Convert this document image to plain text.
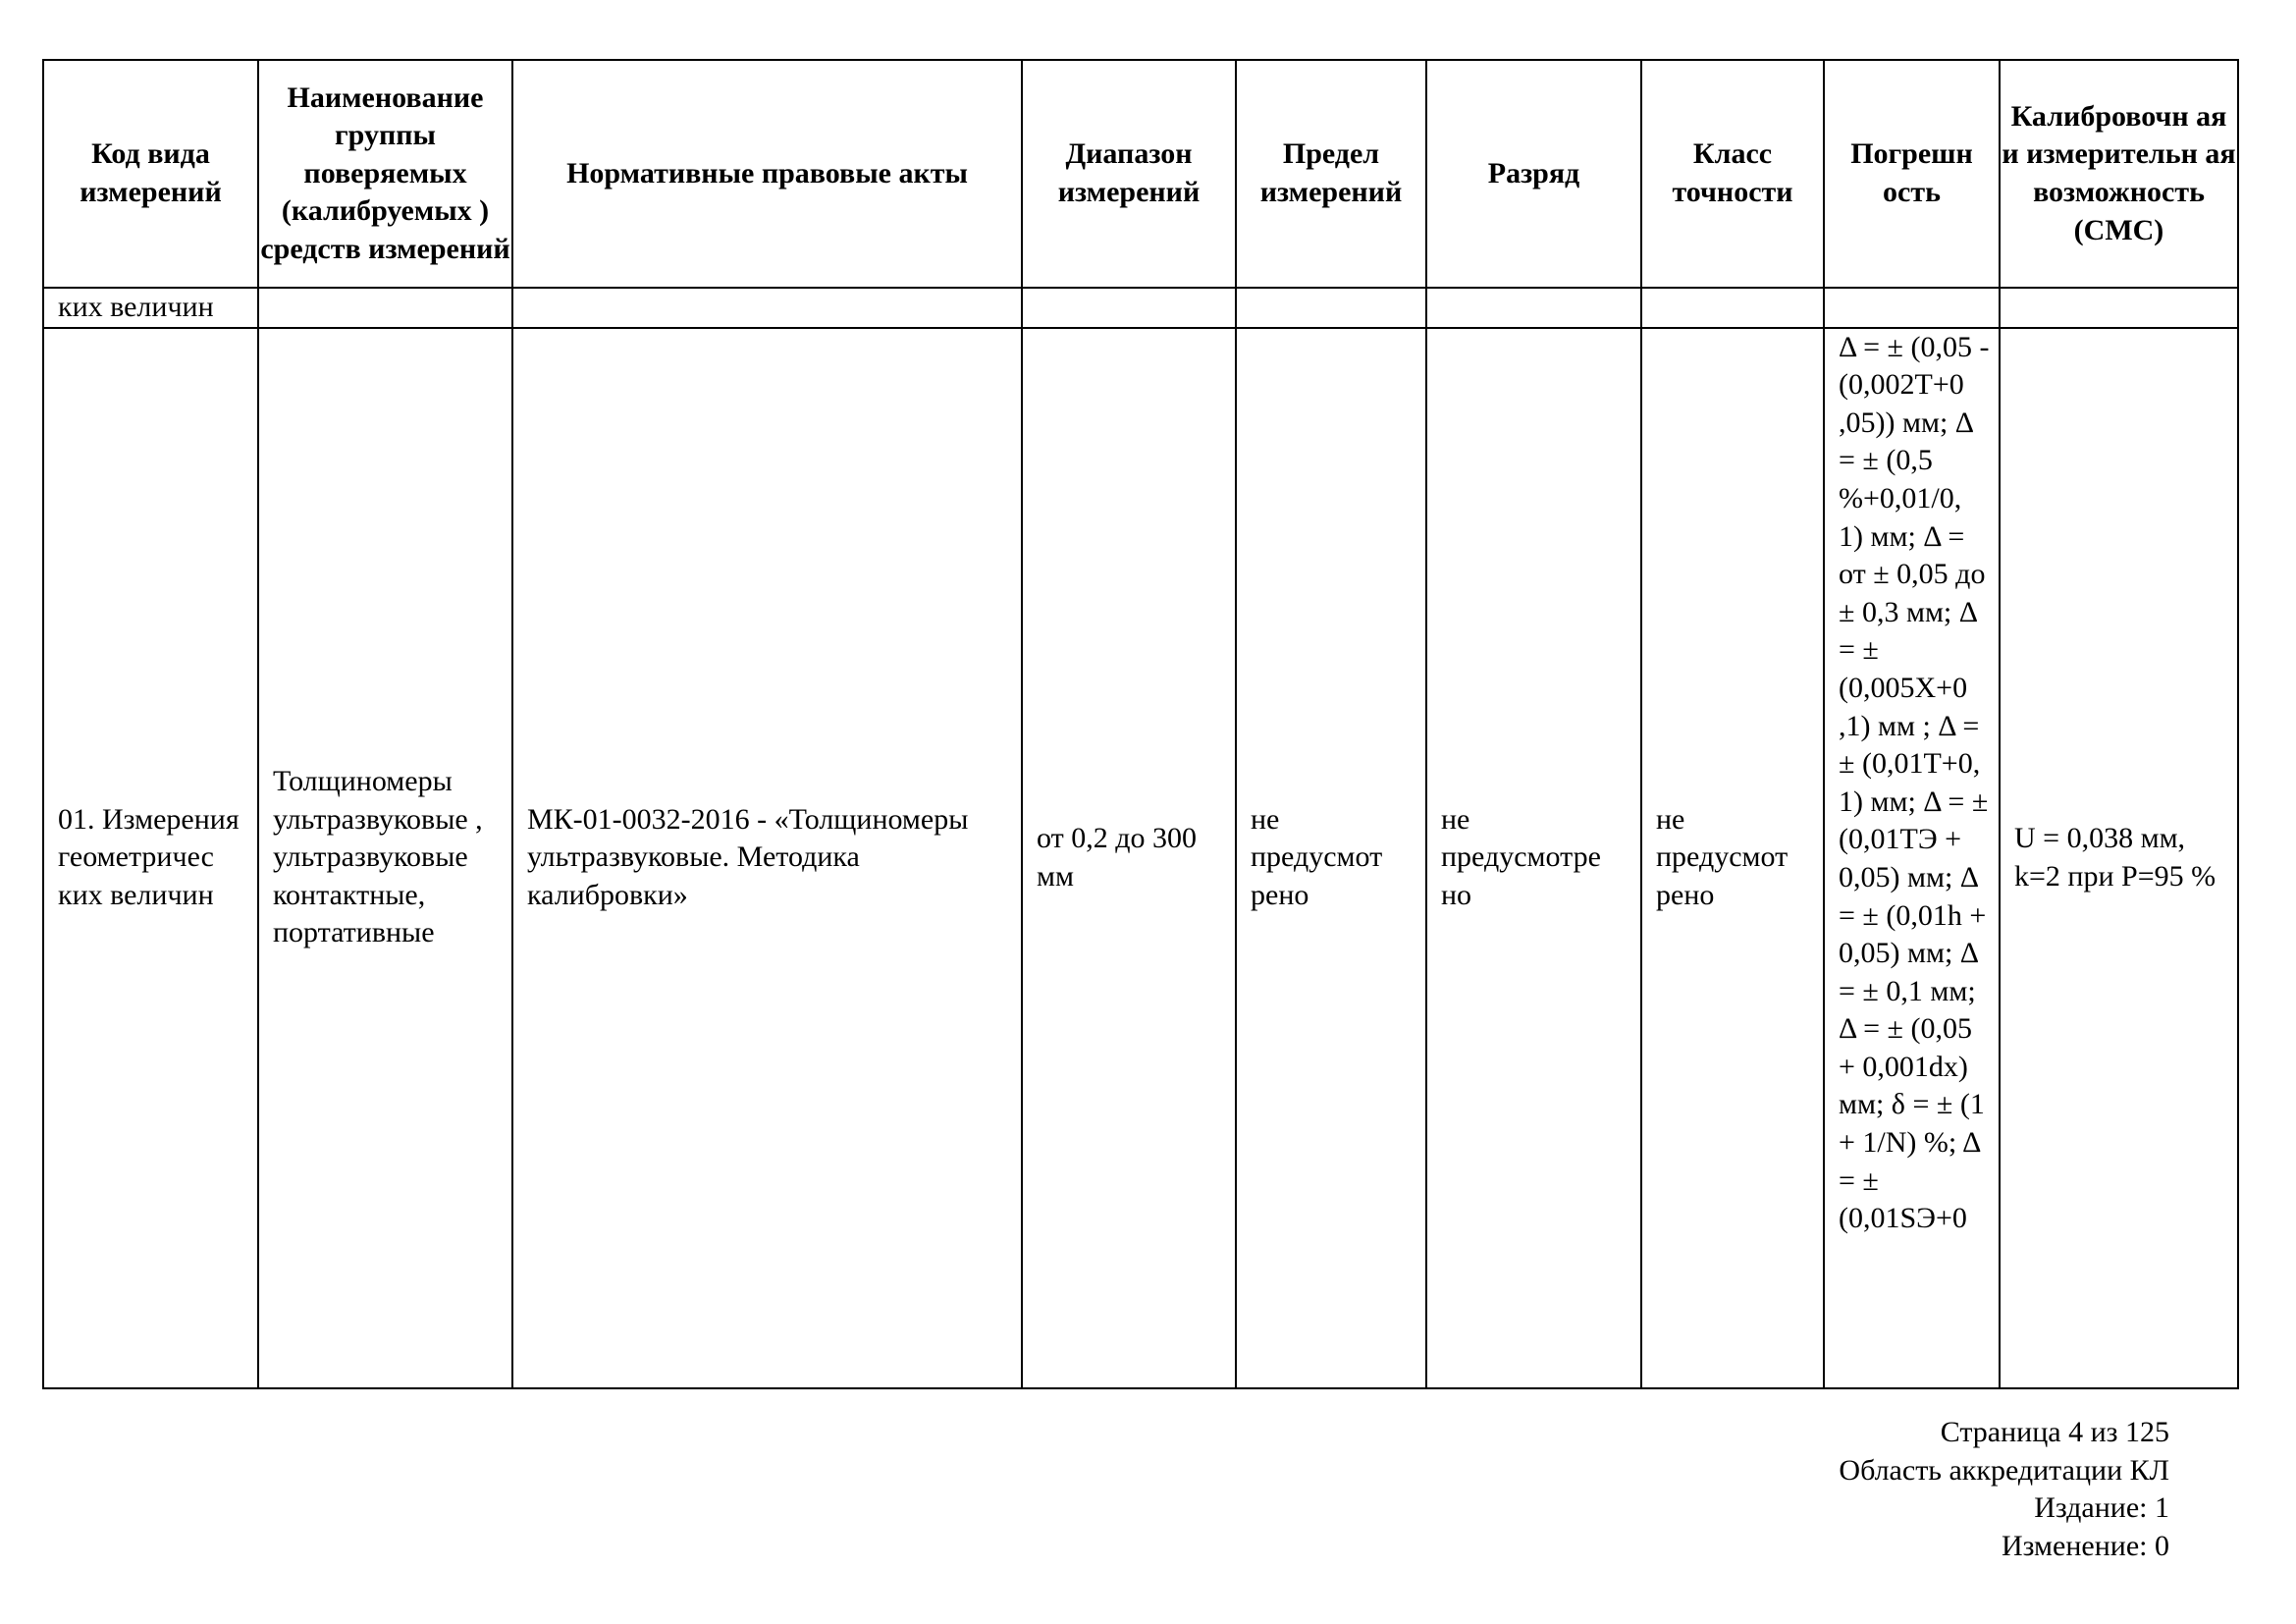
Код вида измерений	Наименование группы поверяемых (калибруемых ) средств измерений	Нормативные правовые акты	Диапазон измерений	Предел измерений	Разряд	Класс точности	Погрешн ость	Калибровочн ая и измерительн ая возможность (СМС)
ких величин								
01. Измерения геометричес ких величин	Толщиномеры ультразвуковые , ультразвуковые контактные, портативные	МК-01-0032-2016 - «Толщиномеры ультразвуковые. Методика калибровки»	от 0,2 до 300 мм	не предусмот рено	не предусмотре но	не предусмот рено	Δ = ± (0,05 - (0,002T+0 ,05)) мм; Δ = ± (0,5 %+0,01/0, 1) мм; Δ = от ± 0,05 до ± 0,3 мм; Δ = ± (0,005X+0 ,1) мм ; Δ = ± (0,01T+0, 1) мм; Δ = ± (0,01TЭ + 0,05) мм; Δ = ± (0,01h + 0,05) мм; Δ = ± 0,1 мм; Δ = ± (0,05 + 0,001dx) мм; δ = ± (1 + 1/N) %; Δ = ± (0,01SЭ+0	U = 0,038 мм, k=2 при P=95 %
Страница 4 из 125
Область аккредитации КЛ
Издание: 1
Изменение: 0
